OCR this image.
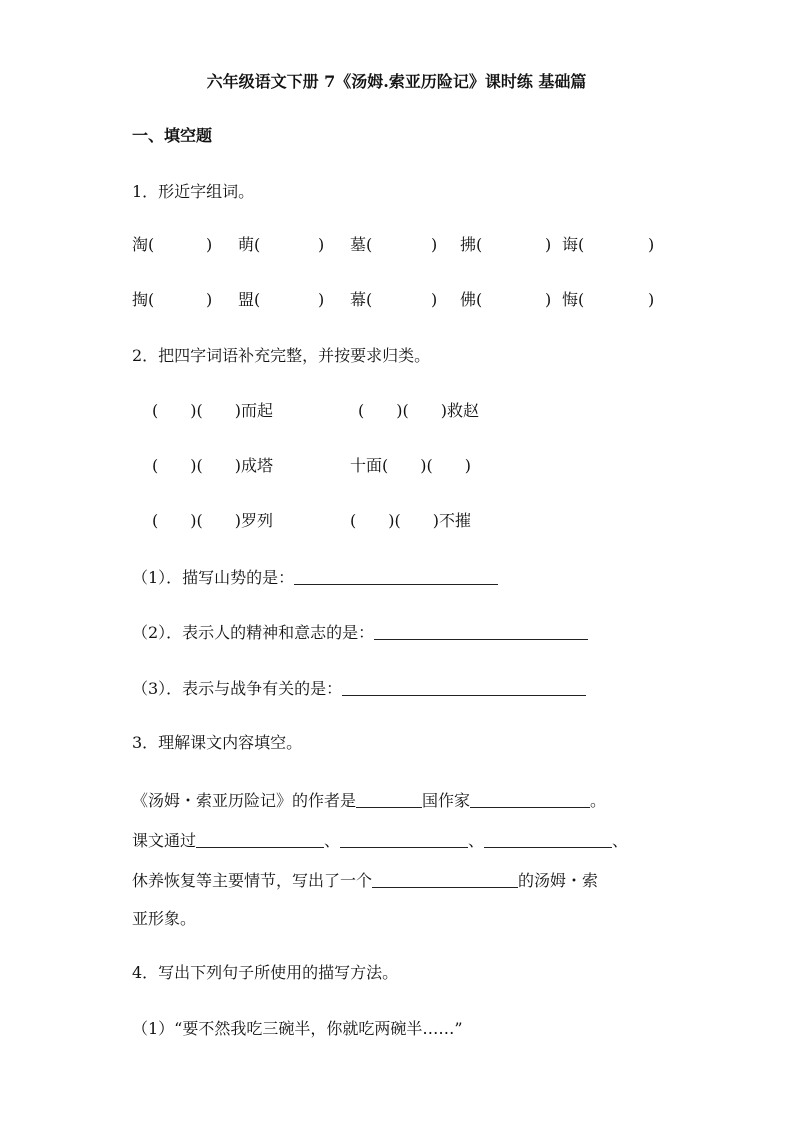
六年级语文下册 7《汤姆.索亚历险记》课时练 基础篇
一、填空题
1．形近字组词。
淘(	) 萌(	) 墓(	) 拂(	) 诲(	)
掏(	) 盟(	) 幕(	) 佛(	) 悔(	)
2．把四字词语补充完整，并按要求归类。
(　　)(　　)而起	(　　)(　　)救赵
(　　)(　　)成塔	十面(　　)(　　)
(　　)(　　)罗列	(　　)(　　)不摧
（1）．描写山势的是：
（2）．表示人的精神和意志的是：
（3）．表示与战争有关的是：
3．理解课文内容填空。
《汤姆・索亚历险记》的作者是	国作家	。
课文通过	、	、	、
休养恢复等主要情节，写出了一个	的汤姆・索
亚形象。
4．写出下列句子所使用的描写方法。
（1）“要不然我吃三碗半，你就吃两碗半……”
